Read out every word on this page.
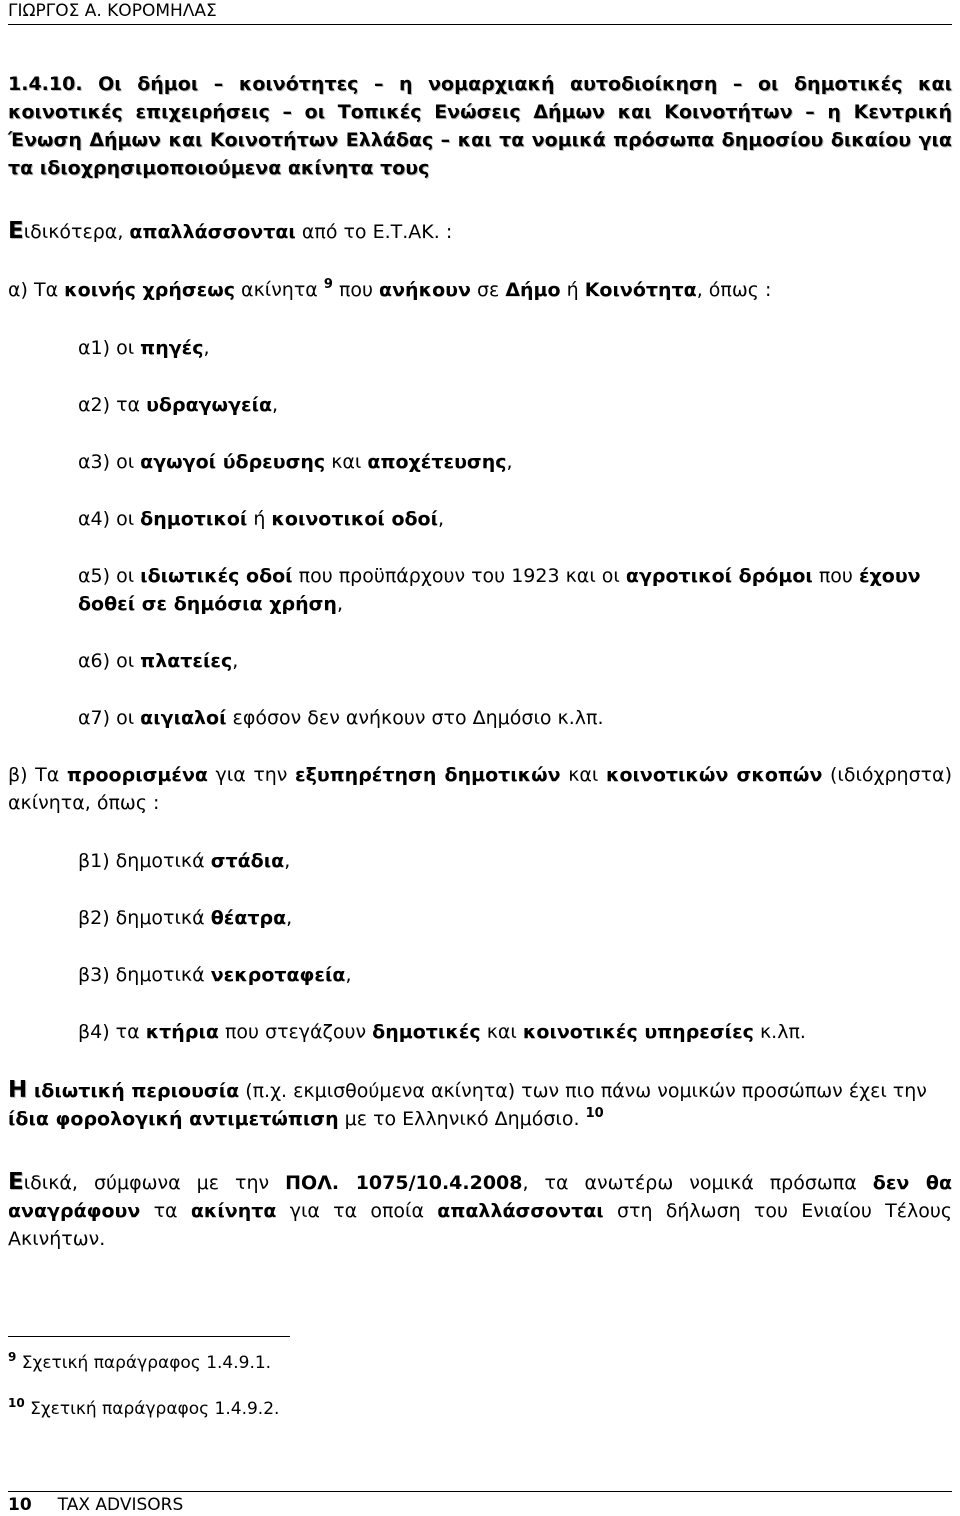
ΓΙΩΡΓΟΣ Α. ΚΟΡΟΜΗΛΑΣ
1.4.10. Οι δήμοι – κοινότητες – η νομαρχιακή αυτοδιοίκηση – οι δημοτικές και κοινοτικές επιχειρήσεις – οι Τοπικές Ενώσεις Δήμων και Κοινοτήτων – η Κεντρική Ένωση Δήμων και Κοινοτήτων Ελλάδας – και τα νομικά πρόσωπα δημοσίου δικαίου για τα ιδιοχρησιμοποιούμενα ακίνητα τους
Ειδικότερα, απαλλάσσονται από το Ε.Τ.ΑΚ. :
α) Τα κοινής χρήσεως ακίνητα $^9$ που ανήκουν σε Δήμο ή Κοινότητα, όπως :
α1) οι πηγές,
α2) τα υδραγωγεία,
α3) οι αγωγοί ύδρευσης και αποχέτευσης,
α4) οι δημοτικοί ή κοινοτικοί οδοί,
α5) οι ιδιωτικές οδοί που προϋπάρχουν του 1923 και οι αγροτικοί δρόμοι που έχουν δοθεί σε δημόσια χρήση,
α6) οι πλατείες,
α7) οι αιγιαλοί εφόσον δεν ανήκουν στο Δημόσιο κ.λπ.
β) Τα προορισμένα για την εξυπηρέτηση δημοτικών και κοινοτικών σκοπών (ιδιόχρηστα) ακίνητα, όπως :
β1) δημοτικά στάδια,
β2) δημοτικά θέατρα,
β3) δημοτικά νεκροταφεία,
β4) τα κτήρια που στεγάζουν δημοτικές και κοινοτικές υπηρεσίες κ.λπ.
Η ιδιωτική περιουσία (π.χ. εκμισθούμενα ακίνητα) των πιο πάνω νομικών προσώπων έχει την ίδια φορολογική αντιμετώπιση με το Ελληνικό Δημόσιο. $^{10}$
Ειδικά, σύμφωνα με την ΠΟΛ. 1075/10.4.2008, τα ανωτέρω νομικά πρόσωπα δεν θα αναγράφουν τα ακίνητα για τα οποία απαλλάσσονται στη δήλωση του Ενιαίου Τέλους Ακινήτων.
$^9$ Σχετική παράγραφος 1.4.9.1.
$^{10}$ Σχετική παράγραφος 1.4.9.2.
10 TAX ADVISORS
